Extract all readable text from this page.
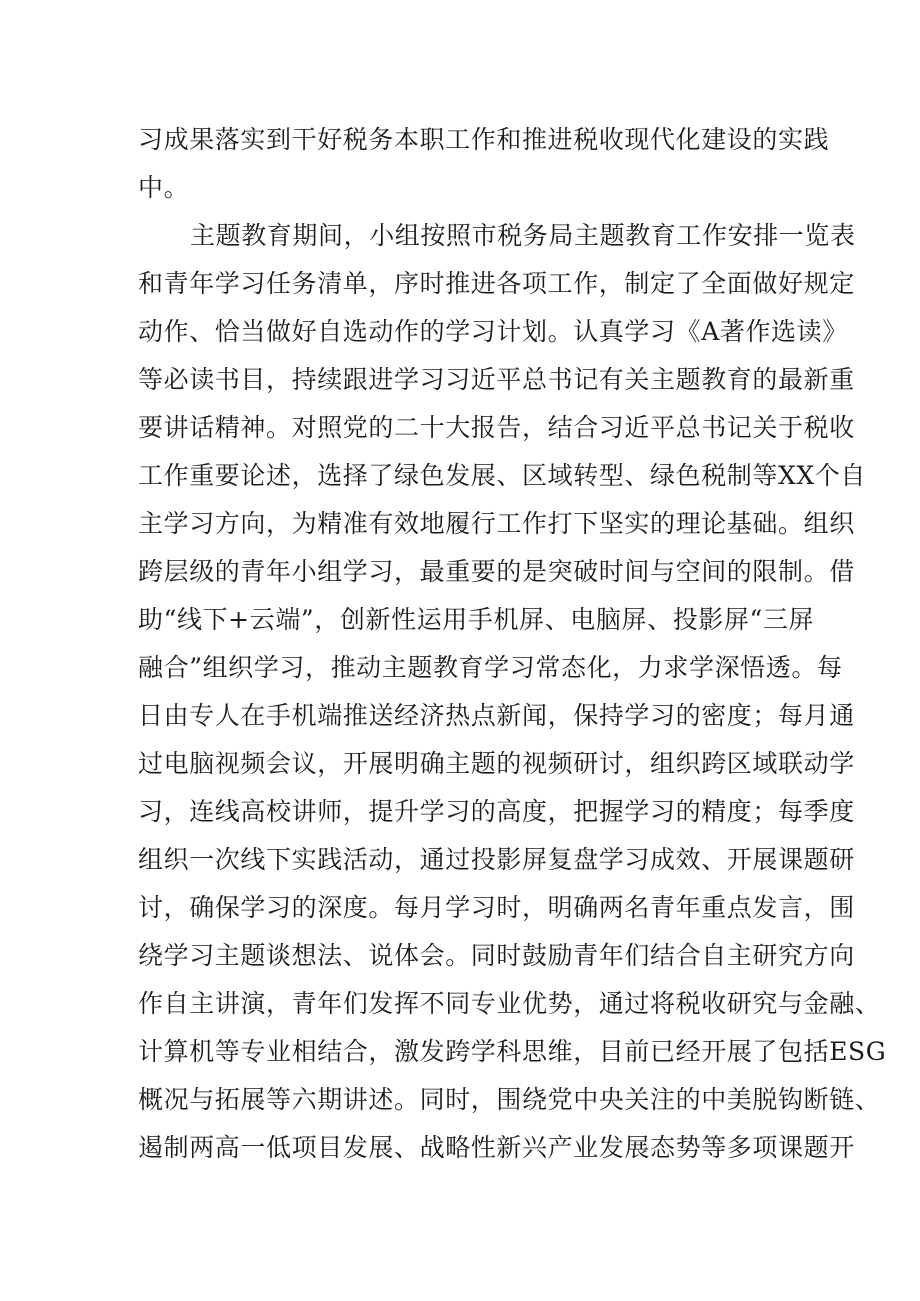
习成果落实到干好税务本职工作和推进税收现代化建设的实践
中。
主题教育期间，小组按照市税务局主题教育工作安排一览表
和青年学习任务清单，序时推进各项工作，制定了全面做好规定
动作、恰当做好自选动作的学习计划。认真学习《A著作选读》
等必读书目，持续跟进学习习近平总书记有关主题教育的最新重
要讲话精神。对照党的二十大报告，结合习近平总书记关于税收
工作重要论述，选择了绿色发展、区域转型、绿色税制等XX个自
主学习方向，为精准有效地履行工作打下坚实的理论基础。组织
跨层级的青年小组学习，最重要的是突破时间与空间的限制。借
助“线下+云端”，创新性运用手机屏、电脑屏、投影屏“三屏
融合”组织学习，推动主题教育学习常态化，力求学深悟透。每
日由专人在手机端推送经济热点新闻，保持学习的密度；每月通
过电脑视频会议，开展明确主题的视频研讨，组织跨区域联动学
习，连线高校讲师，提升学习的高度，把握学习的精度；每季度
组织一次线下实践活动，通过投影屏复盘学习成效、开展课题研
讨，确保学习的深度。每月学习时，明确两名青年重点发言，围
绕学习主题谈想法、说体会。同时鼓励青年们结合自主研究方向
作自主讲演，青年们发挥不同专业优势，通过将税收研究与金融、
计算机等专业相结合，激发跨学科思维，目前已经开展了包括ESG
概况与拓展等六期讲述。同时，围绕党中央关注的中美脱钩断链、
遏制两高一低项目发展、战略性新兴产业发展态势等多项课题开
